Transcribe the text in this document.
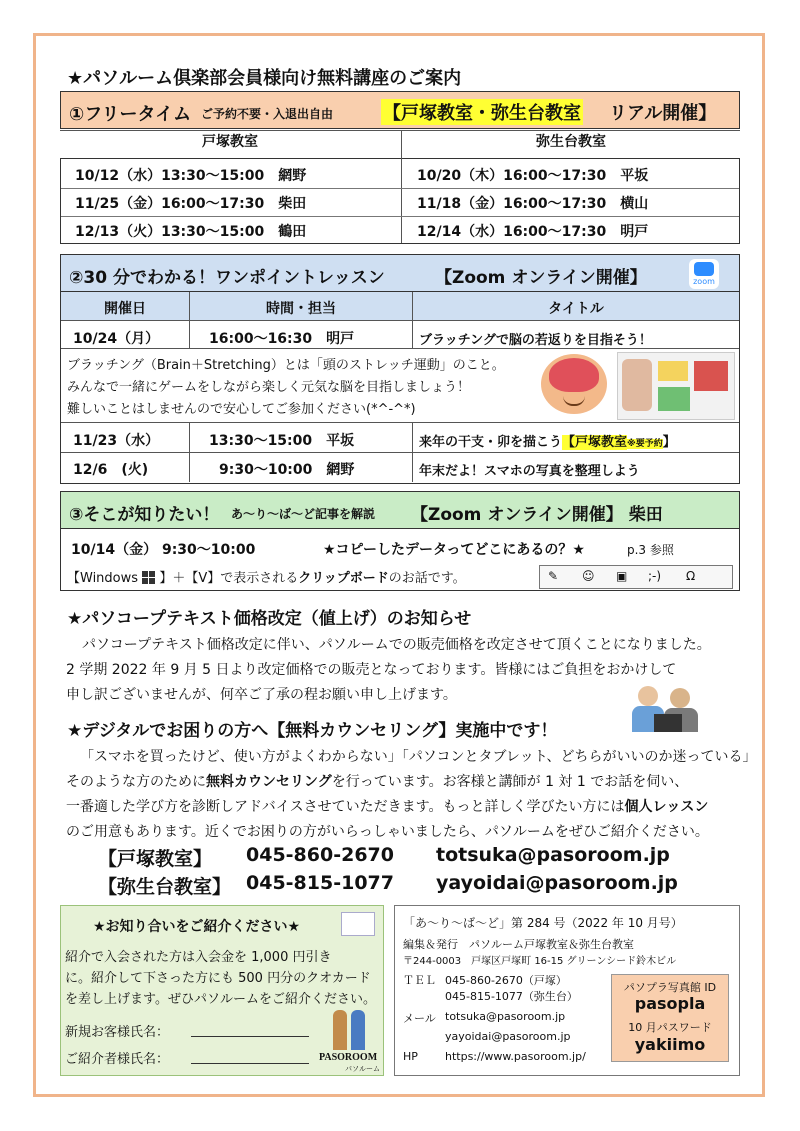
★パソルーム倶楽部会員様向け無料講座のご案内
①フリータイム ご予約不要・入退出自由	【戸塚教室・弥生台教室 リアル開催】
戸塚教室	弥生台教室
10/12（水）13:30～15:00　網野	10/20（木）16:00～17:30　平坂
11/25（金）16:00～17:30　柴田	11/18（金）16:00～17:30　横山
12/13（火）13:30～15:00　鶴田	12/14（水）16:00～17:30　明戸
②30 分でわかる！ワンポイントレッスン	【Zoom オンライン開催】	zoom
開催日	時間・担当	タイトル
10/24（月）	16:00～16:30　明戸	ブラッチングで脳の若返りを目指そう！
ブラッチング（Brain＋Stretching）とは「頭のストレッチ運動」のこと。
みんなで一緒にゲームをしながら楽しく元気な脳を目指しましょう！
難しいことはしませんので安心してご参加ください(*^-^*)
11/23（水）	13:30～15:00　平坂	来年の干支・卯を描こう【戸塚教室※要予約】
12/6　(火)	9:30～10:00　網野	年末だよ！スマホの写真を整理しよう
③そこが知りたい！ あ～り～ば～ど記事を解説 【Zoom オンライン開催】 柴田
10/14（金） 9:30～10:00	★コピーしたデータってどこにあるの？★	p.3 参照
【Windows 】＋【V】で表示されるクリップボードのお話です。	✎ ☺ ▣ ;-) Ω
★パソコープテキスト価格改定（値上げ）のお知らせ
パソコープテキスト価格改定に伴い、パソルームでの販売価格を改定させて頂くことになりました。
2 学期 2022 年 9 月 5 日より改定価格での販売となっております。皆様にはご負担をおかけして
申し訳ございませんが、何卒ご了承の程お願い申し上げます。
★デジタルでお困りの方へ【無料カウンセリング】実施中です！
「スマホを買ったけど、使い方がよくわからない」「パソコンとタブレット、どちらがいいのか迷っている」
そのような方のために無料カウンセリングを行っています。お客様と講師が 1 対 1 でお話を伺い、
一番適した学び方を診断しアドバイスさせていただきます。もっと詳しく学びたい方には個人レッスン
のご用意もあります。近くでお困りの方がいらっしゃいましたら、パソルームをぜひご紹介ください。
【戸塚教室】 045-860-2670 totsuka@pasoroom.jp
【弥生台教室】 045-815-1077 yayoidai@pasoroom.jp
★お知り合いをご紹介ください★
紹介で入会された方は入会金を 1,000 円引き
に。紹介して下さった方にも 500 円分のクオカード
を差し上げます。ぜひパソルームをご紹介ください。
新規お客様氏名：
ご紹介者様氏名：	PASOROOM
パソルーム
「あ～り～ば～ど」第 284 号（2022 年 10 月号）
編集＆発行　パソルーム戸塚教室＆弥生台教室
〒244-0003　戸塚区戸塚町 16-15 グリーンシード鈴木ビル
ＴＥＬ 045-860-2670（戸塚）
045-815-1077（弥生台）
メール totsuka@pasoroom.jp
yayoidai@pasoroom.jp
HP https://www.pasoroom.jp/
パソプラ写真館 ID
pasopla
10 月パスワード
yakiimo
